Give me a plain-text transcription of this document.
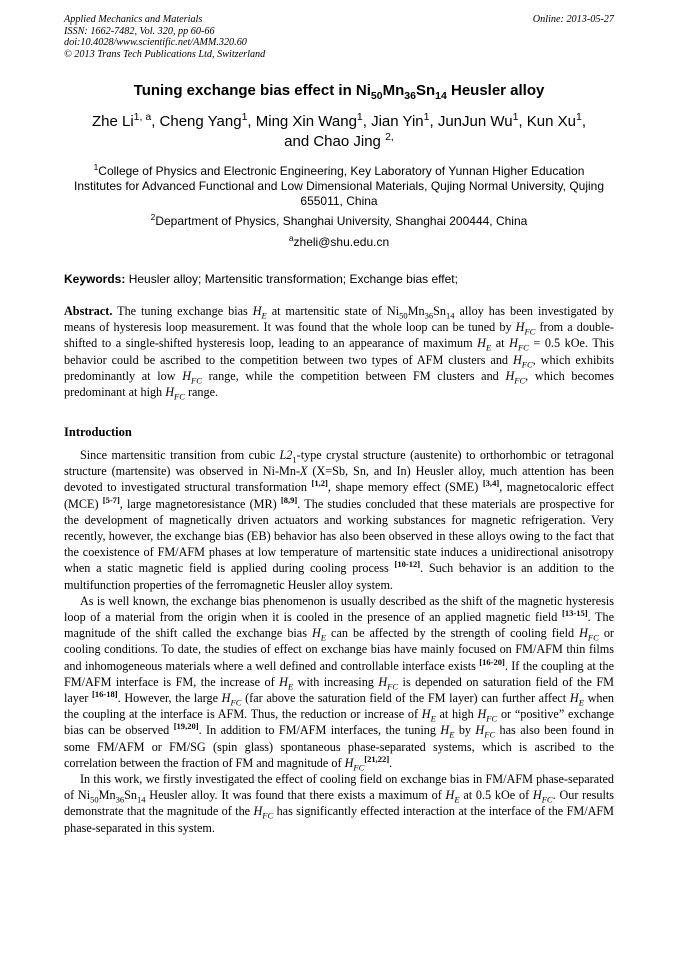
Applied Mechanics and Materials
ISSN: 1662-7482, Vol. 320, pp 60-66
doi:10.4028/www.scientific.net/AMM.320.60
© 2013 Trans Tech Publications Ltd, Switzerland
Online: 2013-05-27
Tuning exchange bias effect in $Ni_{50}Mn_{36}Sn_{14}$ Heusler alloy
Zhe Li$^{1, a}$, Cheng Yang$^1$, Ming Xin Wang$^1$, Jian Yin$^1$, JunJun Wu$^1$, Kun Xu$^1$,
and Chao Jing $^{2,}$
$^1$College of Physics and Electronic Engineering, Key Laboratory of Yunnan Higher Education
Institutes for Advanced Functional and Low Dimensional Materials, Qujing Normal University, Qujing
655011, China
$^2$Department of Physics, Shanghai University, Shanghai 200444, China
$^a$zheli@shu.edu.cn
Keywords: Heusler alloy; Martensitic transformation; Exchange bias effet;

Abstract. The tuning exchange bias $H_E$ at martensitic state of $Ni_{50}Mn_{36}Sn_{14}$ alloy has been investigated by means of hysteresis loop measurement. It was found that the whole loop can be tuned by $H_{FC}$ from a double-shifted to a single-shifted hysteresis loop, leading to an appearance of maximum $H_E$ at $H_{FC} = 0.5$ kOe. This behavior could be ascribed to the competition between two types of AFM clusters and $H_{FC}$, which exhibits predominantly at low $H_{FC}$ range, while the competition between FM clusters and $H_{FC}$, which becomes predominant at high $H_{FC}$ range.

Introduction

Since martensitic transition from cubic $L2_1$-type crystal structure (austenite) to orthorhombic or tetragonal structure (martensite) was observed in Ni-Mn-X (X=Sb, Sn, and In) Heusler alloy, much attention has been devoted to investigated structural transformation [1,2], shape memory effect (SME) [3,4], magnetocaloric effect (MCE) [5-7], large magnetoresistance (MR) [8,9]. The studies concluded that these materials are prospective for the development of magnetically driven actuators and working substances for magnetic refrigeration. Very recently, however, the exchange bias (EB) behavior has also been observed in these alloys owing to the fact that the coexistence of FM/AFM phases at low temperature of martensitic state induces a unidirectional anisotropy when a static magnetic field is applied during cooling process [10-12]. Such behavior is an addition to the multifunction properties of the ferromagnetic Heusler alloy system.

As is well known, the exchange bias phenomenon is usually described as the shift of the magnetic hysteresis loop of a material from the origin when it is cooled in the presence of an applied magnetic field [13-15]. The magnitude of the shift called the exchange bias $H_E$ can be affected by the strength of cooling field $H_{FC}$ or cooling conditions. To date, the studies of effect on exchange bias have mainly focused on FM/AFM thin films and inhomogeneous materials where a well defined and controllable interface exists [16-20]. If the coupling at the FM/AFM interface is FM, the increase of $H_E$ with increasing $H_{FC}$ is depended on saturation field of the FM layer [16-18]. However, the large $H_{FC}$ (far above the saturation field of the FM layer) can further affect $H_E$ when the coupling at the interface is AFM. Thus, the reduction or increase of $H_E$ at high $H_{FC}$ or “positive” exchange bias can be observed [19,20]. In addition to FM/AFM interfaces, the tuning $H_E$ by $H_{FC}$ has also been found in some FM/AFM or FM/SG (spin glass) spontaneous phase-separated systems, which is ascribed to the correlation between the fraction of FM and magnitude of $H_{FC}[21,22]$.

In this work, we firstly investigated the effect of cooling field on exchange bias in FM/AFM phase-separated of $Ni_{50}Mn_{36}Sn_{14}$ Heusler alloy. It was found that there exists a maximum of $H_E$ at 0.5 kOe of $H_{FC}$. Our results demonstrate that the magnitude of the $H_{FC}$ has significantly effected interaction at the interface of the FM/AFM phase-separated in this system.
